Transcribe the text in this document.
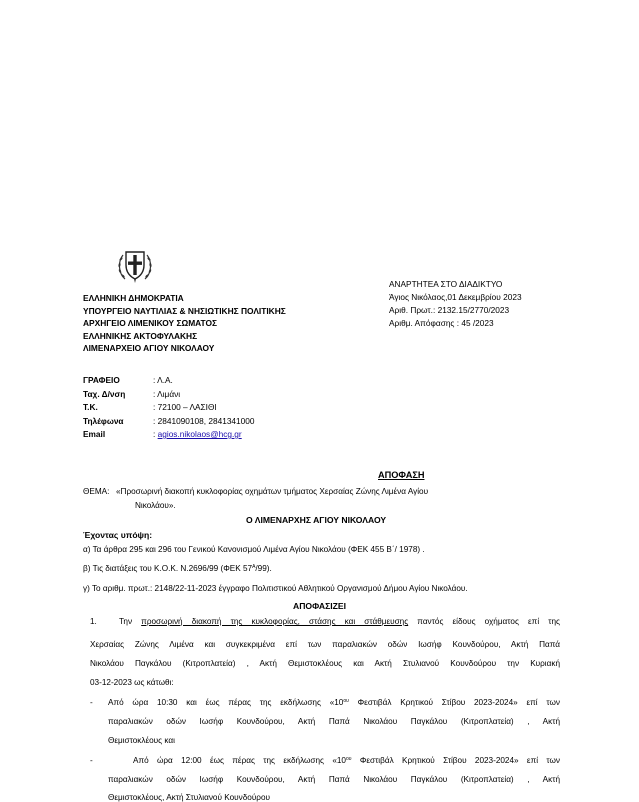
ΕΛΛΗΝΙΚΗ ΔΗΜΟΚΡΑΤΙΑ
ΥΠΟΥΡΓΕΙΟ ΝΑΥΤΙΛΙΑΣ & ΝΗΣΙΩΤΙΚΗΣ ΠΟΛΙΤΙΚΗΣ
ΑΡΧΗΓΕΙΟ ΛΙΜΕΝΙΚΟΥ ΣΩΜΑΤΟΣ
ΕΛΛΗΝΙΚΗΣ ΑΚΤΟΦΥΛΑΚΗΣ
ΛΙΜΕΝΑΡΧΕΙΟ ΑΓΙΟΥ ΝΙΚΟΛΑΟΥ
ΑΝΑΡΤΗΤΕΑ ΣΤΟ ΔΙΑΔΙΚΤΥΟ
Άγιος Νικόλαος,01 Δεκεμβρίου 2023
Αριθ. Πρωτ.: 2132.15/2770/2023
Αριθμ. Απόφασης : 45 /2023
ΓΡΑΦΕΙΟ	: Λ.Α.
Ταχ. Δ/νση	: Λιμάνι
Τ.Κ.	: 72100 – ΛΑΣΙΘΙ
Τηλέφωνα	: 2841090108, 2841341000
Email	: agios.nikolaos@hcg.gr
ΑΠΟΦΑΣΗ
ΘΕΜΑ: «Προσωρινή διακοπή κυκλοφορίας οχημάτων τμήματος Χερσαίας Ζώνης Λιμένα Αγίου
Νικολάου».
Ο ΛΙΜΕΝΑΡΧΗΣ ΑΓΙΟΥ ΝΙΚΟΛΑΟΥ
Έχοντας υπόψη:
α) Τα άρθρα 295 και 296 του Γενικού Κανονισμού Λιμένα Αγίου Νικολάου (ΦΕΚ 455 Β΄/ 1978) .
β) Τις διατάξεις του Κ.Ο.Κ. Ν.2696/99 (ΦΕΚ $57^A/99$).
γ) Το αριθμ. πρωτ.: 2148/22-11-2023 έγγραφο Πολιτιστικού Αθλητικού Οργανισμού Δήμου Αγίου Νικολάου.
ΑΠΟΦΑΣΙΖΕΙ
1.	Την προσωρινή διακοπή της κυκλοφορίας, στάσης και στάθμευσης παντός είδους οχήματος επί της
Χερσαίας Ζώνης Λιμένα και συγκεκριμένα επί των παραλιακών οδών Ιωσήφ Κουνδούρου, Ακτή Παπά
Νικολάου Παγκάλου (Κιτροπλατεία) , Ακτή Θεμιστοκλέους και Ακτή Στυλιανού Κουνδούρου την Κυριακή
03-12-2023 ως κάτωθι:
- Από ώρα 10:30 και έως πέρας της εκδήλωσης «$10^{o\upsilon}$ Φεστιβάλ Κρητικού Στίβου 2023-2024» επί των
παραλιακών οδών Ιωσήφ Κουνδούρου, Ακτή Παπά Νικολάου Παγκάλου (Κιτροπλατεία) , Ακτή
Θεμιστοκλέους και
-	Από ώρα 12:00 έως πέρας της εκδήλωσης «$10^{o\upsilon}$ Φεστιβάλ Κρητικού Στίβου 2023-2024» επί των
παραλιακών οδών Ιωσήφ Κουνδούρου, Ακτή Παπά Νικολάου Παγκάλου (Κιτροπλατεία) , Ακτή
Θεμιστοκλέους, Ακτή Στυλιανού Κουνδούρου
